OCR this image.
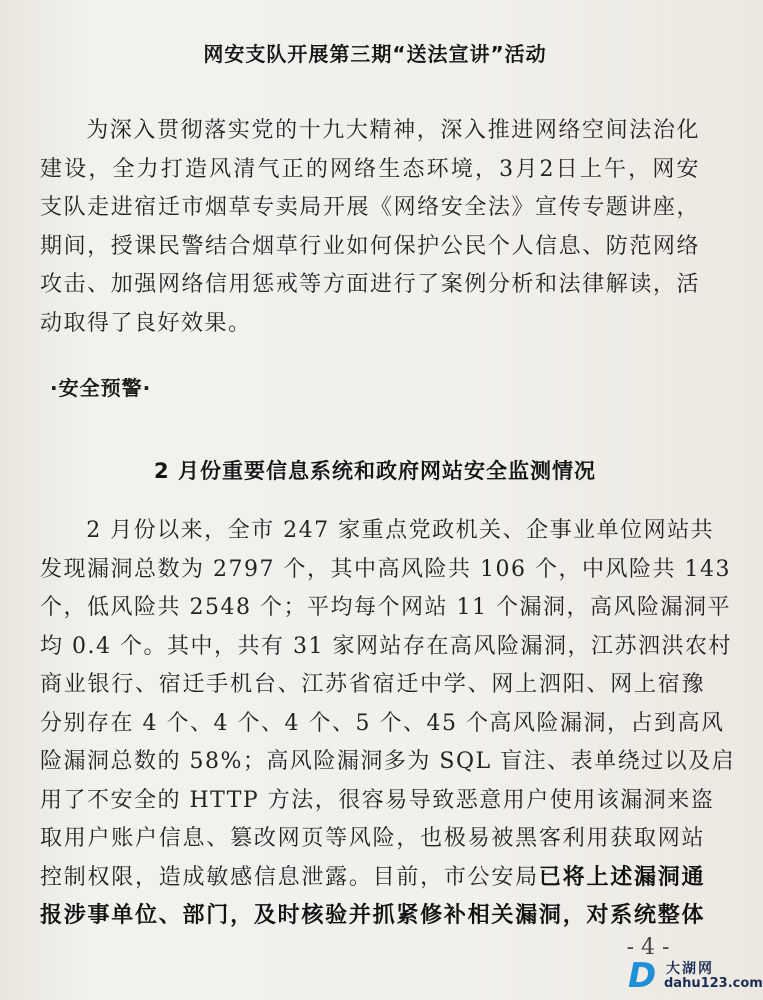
网安支队开展第三期“送法宣讲”活动
为深入贯彻落实党的十九大精神，深入推进网络空间法治化
建设，全力打造风清气正的网络生态环境，3月2日上午，网安
支队走进宿迁市烟草专卖局开展《网络安全法》宣传专题讲座，
期间，授课民警结合烟草行业如何保护公民个人信息、防范网络
攻击、加强网络信用惩戒等方面进行了案例分析和法律解读，活
动取得了良好效果。
·安全预警·
2 月份重要信息系统和政府网站安全监测情况
2 月份以来，全市 247 家重点党政机关、企事业单位网站共
发现漏洞总数为 2797 个，其中高风险共 106 个，中风险共 143
个，低风险共 2548 个；平均每个网站 11 个漏洞，高风险漏洞平
均 0.4 个。其中，共有 31 家网站存在高风险漏洞，江苏泗洪农村
商业银行、宿迁手机台、江苏省宿迁中学、网上泗阳、网上宿豫
分别存在 4 个、4 个、4 个、5 个、45 个高风险漏洞，占到高风
险漏洞总数的 58%；高风险漏洞多为 SQL 盲注、表单绕过以及启
用了不安全的 HTTP 方法，很容易导致恶意用户使用该漏洞来盗
取用户账户信息、篡改网页等风险，也极易被黑客利用获取网站
控制权限，造成敏感信息泄露。目前，市公安局已将上述漏洞通
报涉事单位、部门，及时核验并抓紧修补相关漏洞，对系统整体
- 4 -
D 大湖网
dahu123.com
